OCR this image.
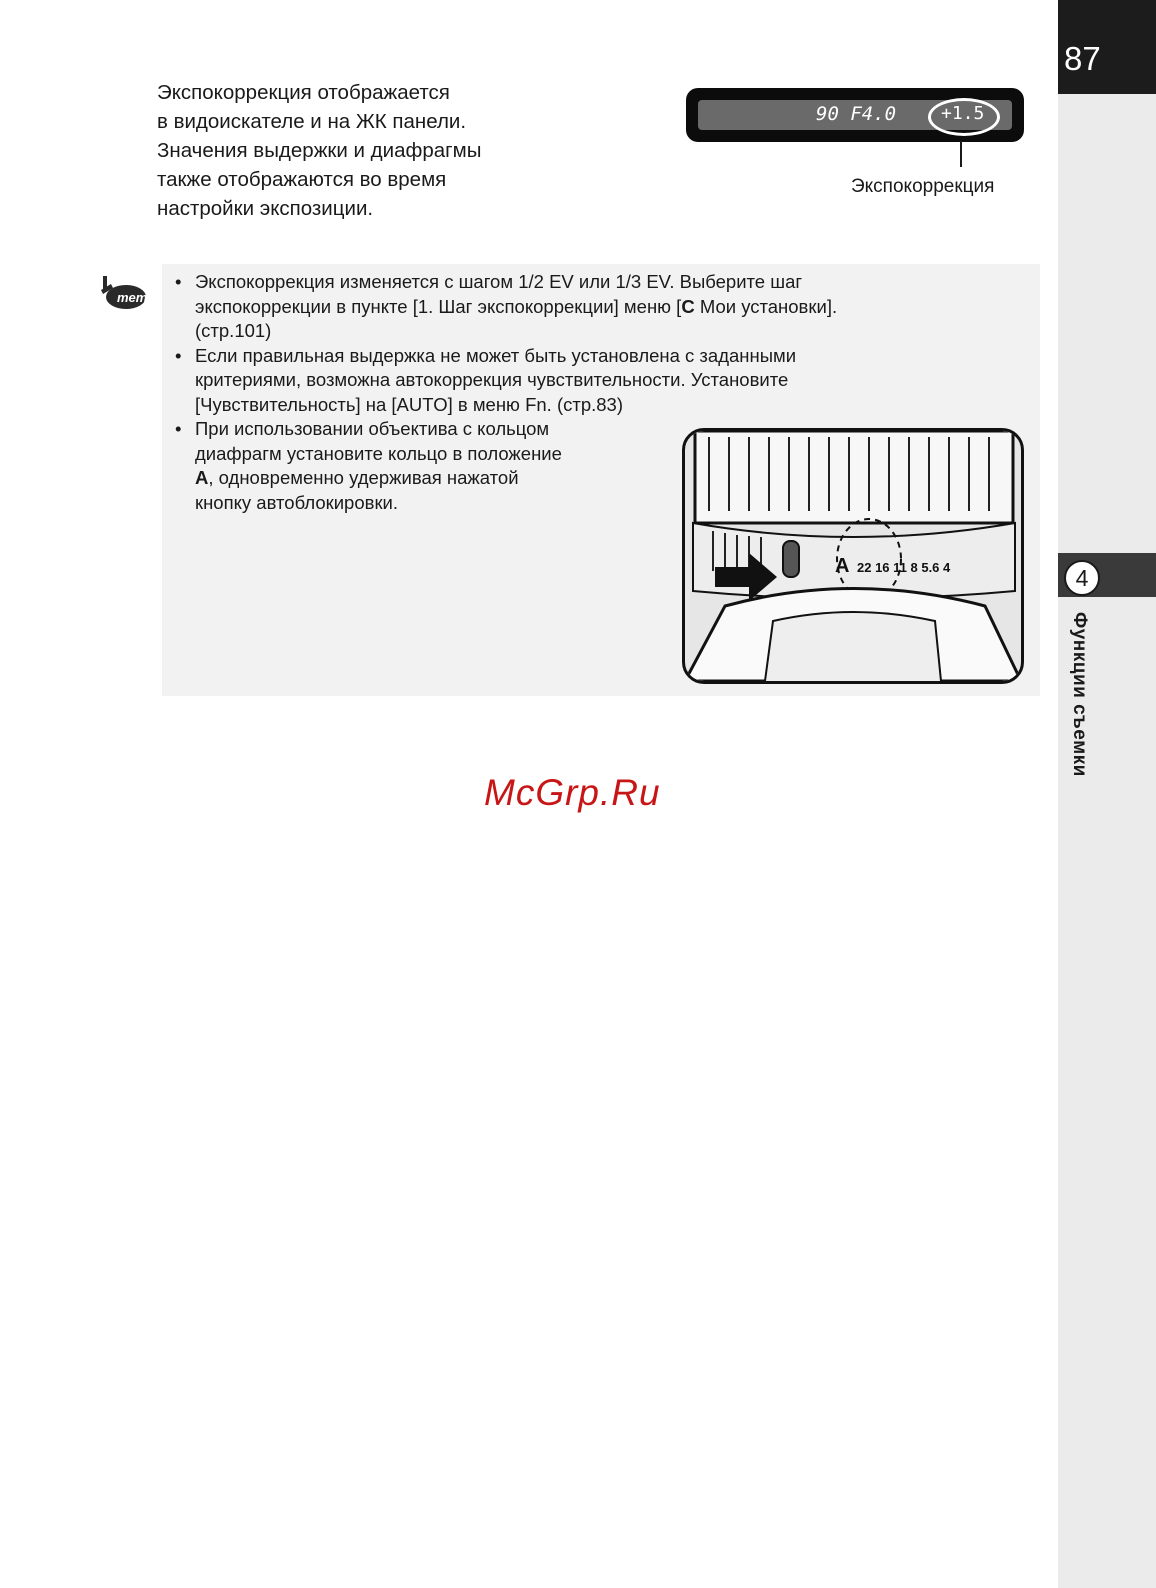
87
4
Функции съемки
Экспокоррекция отображается
в видоискателе и на ЖК панели.
Значения выдержки и диафрагмы
также отображаются во время
настройки экспозиции.
90 F4.0 +1.5
Экспокоррекция
memo
• Экспокоррекция изменяется с шагом 1/2 EV или 1/3 EV. Выберите шаг
экспокоррекции в пункте [1. Шаг экспокоррекции] меню [C Мои установки].
(стр.101)
• Если правильная выдержка не может быть установлена с заданными
критериями, возможна автокоррекция чувствительности. Установите
[Чувствительность] на [AUTO] в меню Fn. (стр.83)
• При использовании объектива с кольцом
диафрагм установите кольцо в положение
A, одновременно удерживая нажатой
кнопку автоблокировки.
A 22 16 11 8 5.6 4
McGrp.Ru
